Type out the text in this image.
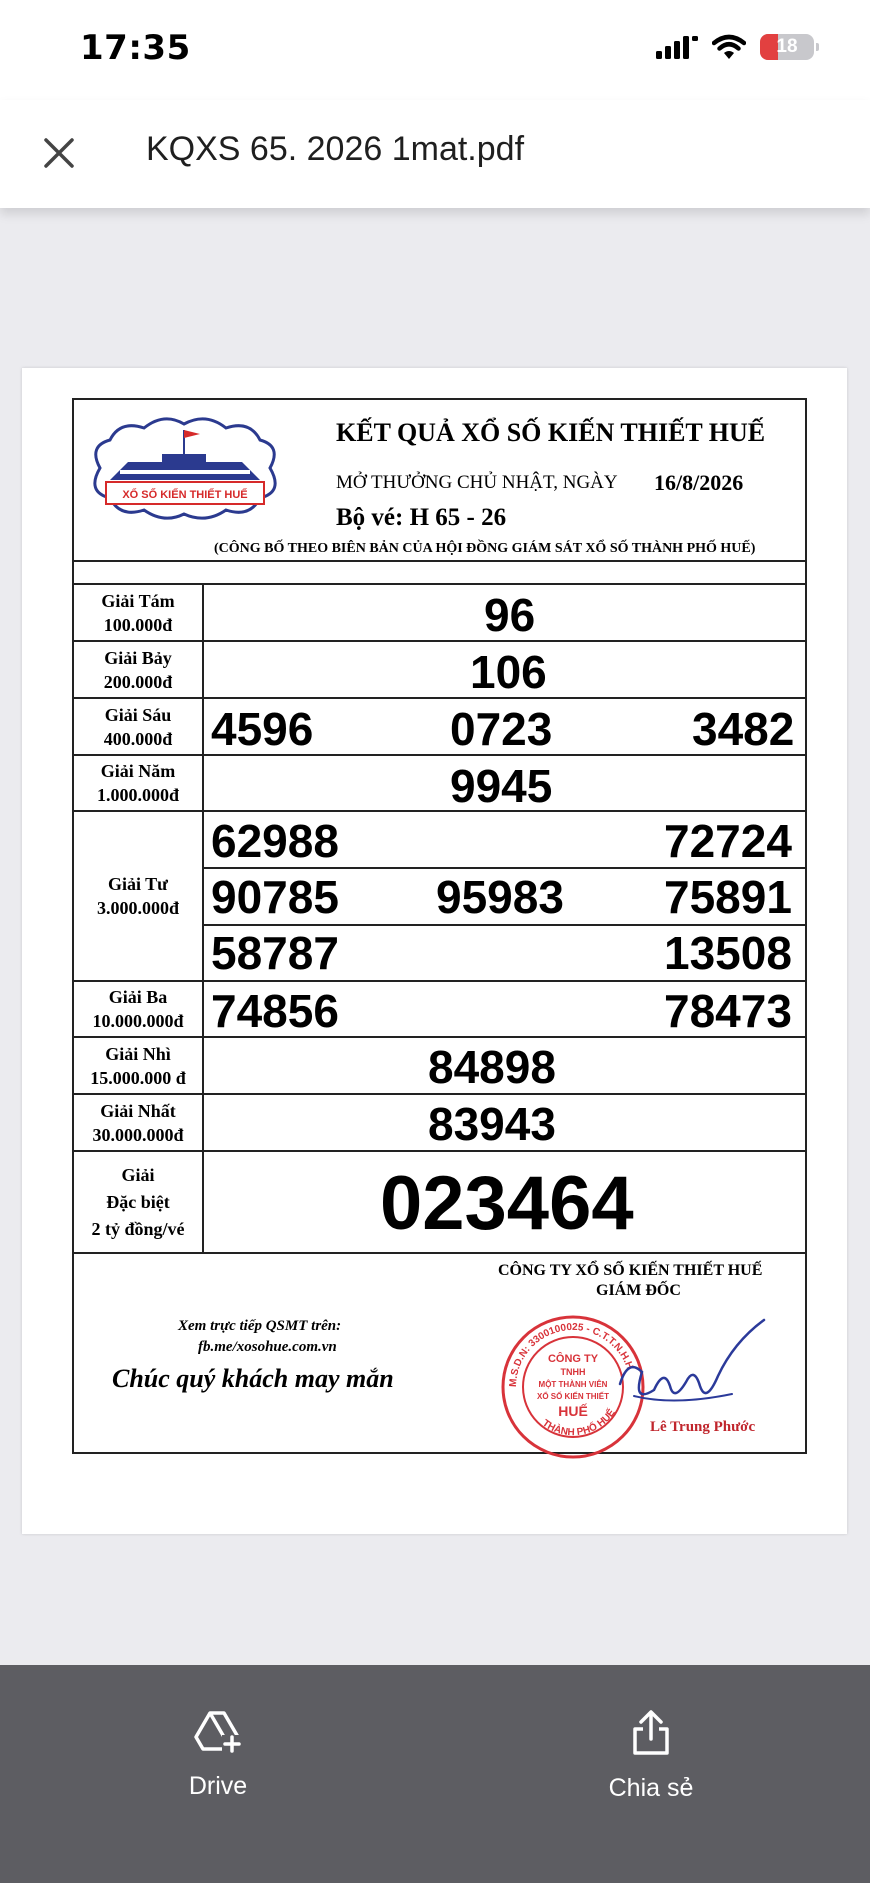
17:35	18
KQXS 65. 2026 1mat.pdf
XỔ SỐ KIẾN THIẾT HUẾ
KẾT QUẢ XỔ SỐ KIẾN THIẾT HUẾ
MỞ THƯỞNG CHỦ NHẬT, NGÀY 16/8/2026
Bộ vé: H 65 - 26
(CÔNG BỐ THEO BIÊN BẢN CỦA HỘI ĐỒNG GIÁM SÁT XỔ SỐ THÀNH PHỐ HUẾ)
Giải Tám
100.000đ	96
Giải Bảy
200.000đ	106
Giải Sáu
400.000đ 4596	0723	3482
Giải Năm
1.000.000đ	9945
Giải Tư
3.000.000đ
62988	72724
90785 95983 75891
58787	13508
Giải Ba
10.000.000đ 74856	78473
Giải Nhì
15.000.000 đ	84898
Giải Nhất
30.000.000đ	83943
Giải
Đặc biệt
2 tỷ đồng/vé	023464
CÔNG TY XỔ SỐ KIẾN THIẾT HUẾ
GIÁM ĐỐC
Xem trực tiếp QSMT trên:
fb.me/xosohue.com.vn
Chúc quý khách may mắn	M.S.D.N: 3300100025 - C.T.T.N.H.H
THÀNH PHỐ HUẾ
CÔNG TY
TNHH
MỘT THÀNH VIÊN
XỔ SỐ KIẾN THIẾT
HUẾ
Lê Trung Phước
Drive	Chia sẻ
